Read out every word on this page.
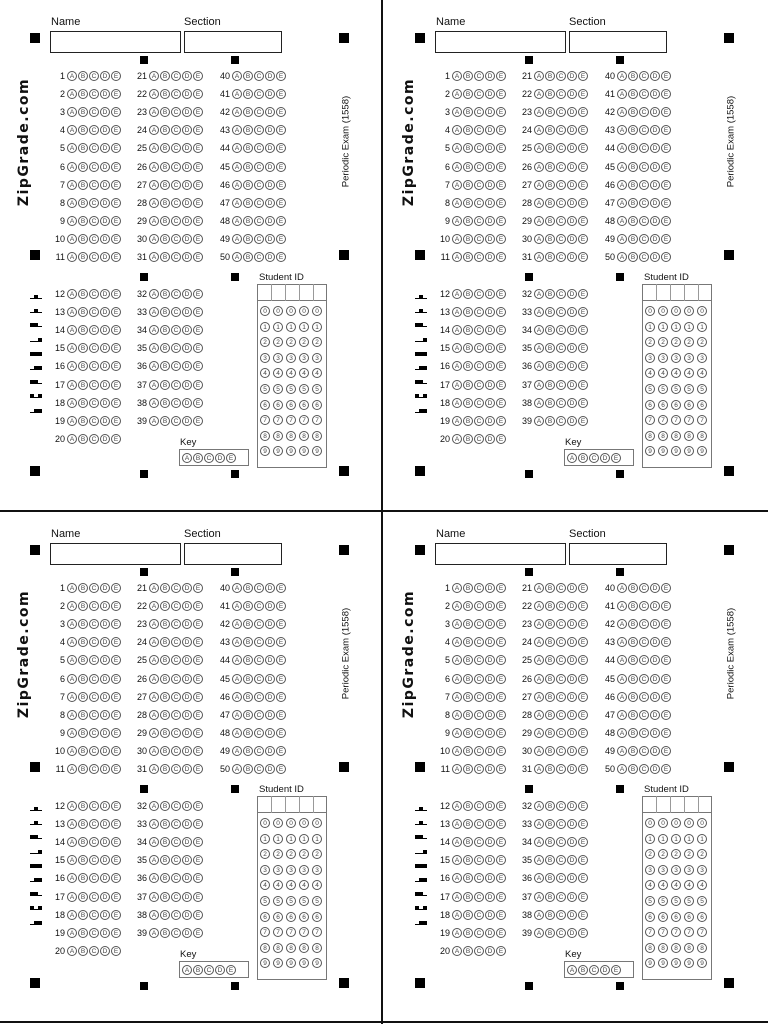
Name	Section
ZipGrade.com	Periodic Exam (1558)
1 A	B C D E
2 A	B C D E
3 A	B C D E
4 A	B C D E
5 A	B C D E
6 A	B C D E
7 A	B C D E
8 A	B C D E
9 A	B C D E
10 A	B C D E
11 A	B C D E
21 A	B C D E
22 A	B C D E
23 A	B C D E
24 A	B C D E
25 A	B C D E
26 A	B C D E
27 A	B C D E
28 A	B C D E
29 A	B C D E
30 A	B C D E
31 A	B C D E
40 A	B C D E
41 A	B C D E
42 A	B C D E
43 A	B C D E
44 A	B C D E
45 A	B C D E
46 A	B C D E
47 A	B C D E
48 A	B C D E
49 A	B C D E
50 A	B C D E
12 A	B C D E
13 A	B C D E
14 A	B C D E
15 A	B C D E
16 A	B C D E
17 A	B C D E
18 A	B C D E
19 A	B C D E
20 A	B C D E
32 A	B C D E
33 A	B C D E
34 A	B C D E
35 A	B C D E
36 A	B C D E
37 A	B C D E
38 A	B C D E
39 A	B C D E
Student ID
0	0	0	0	0
1	1	1	1	1
2	2	2	2	2
3	3	3	3	3
4	4	4	4	4
5	5	5	5	5
6	6	6	6	6
7	7	7	7	7
8	8	8	8	8
9	9	9	9	9
Key
A	B C D E
Name	Section
ZipGrade.com	Periodic Exam (1558)
1 A	B C D E
2 A	B C D E
3 A	B C D E
4 A	B C D E
5 A	B C D E
6 A	B C D E
7 A	B C D E
8 A	B C D E
9 A	B C D E
10 A	B C D E
11 A	B C D E
21 A	B C D E
22 A	B C D E
23 A	B C D E
24 A	B C D E
25 A	B C D E
26 A	B C D E
27 A	B C D E
28 A	B C D E
29 A	B C D E
30 A	B C D E
31 A	B C D E
40 A	B C D E
41 A	B C D E
42 A	B C D E
43 A	B C D E
44 A	B C D E
45 A	B C D E
46 A	B C D E
47 A	B C D E
48 A	B C D E
49 A	B C D E
50 A	B C D E
12 A	B C D E
13 A	B C D E
14 A	B C D E
15 A	B C D E
16 A	B C D E
17 A	B C D E
18 A	B C D E
19 A	B C D E
20 A	B C D E
32 A	B C D E
33 A	B C D E
34 A	B C D E
35 A	B C D E
36 A	B C D E
37 A	B C D E
38 A	B C D E
39 A	B C D E
Student ID
0	0	0	0	0
1	1	1	1	1
2	2	2	2	2
3	3	3	3	3
4	4	4	4	4
5	5	5	5	5
6	6	6	6	6
7	7	7	7	7
8	8	8	8	8
9	9	9	9	9
Key
A	B C D E
Name	Section
ZipGrade.com	Periodic Exam (1558)
1 A	B C D E
2 A	B C D E
3 A	B C D E
4 A	B C D E
5 A	B C D E
6 A	B C D E
7 A	B C D E
8 A	B C D E
9 A	B C D E
10 A	B C D E
11 A	B C D E
21 A	B C D E
22 A	B C D E
23 A	B C D E
24 A	B C D E
25 A	B C D E
26 A	B C D E
27 A	B C D E
28 A	B C D E
29 A	B C D E
30 A	B C D E
31 A	B C D E
40 A	B C D E
41 A	B C D E
42 A	B C D E
43 A	B C D E
44 A	B C D E
45 A	B C D E
46 A	B C D E
47 A	B C D E
48 A	B C D E
49 A	B C D E
50 A	B C D E
12 A	B C D E
13 A	B C D E
14 A	B C D E
15 A	B C D E
16 A	B C D E
17 A	B C D E
18 A	B C D E
19 A	B C D E
20 A	B C D E
32 A	B C D E
33 A	B C D E
34 A	B C D E
35 A	B C D E
36 A	B C D E
37 A	B C D E
38 A	B C D E
39 A	B C D E
Student ID
0	0	0	0	0
1	1	1	1	1
2	2	2	2	2
3	3	3	3	3
4	4	4	4	4
5	5	5	5	5
6	6	6	6	6
7	7	7	7	7
8	8	8	8	8
9	9	9	9	9
Key
A	B C D E
Name	Section
ZipGrade.com	Periodic Exam (1558)
1 A	B C D E
2 A	B C D E
3 A	B C D E
4 A	B C D E
5 A	B C D E
6 A	B C D E
7 A	B C D E
8 A	B C D E
9 A	B C D E
10 A	B C D E
11 A	B C D E
21 A	B C D E
22 A	B C D E
23 A	B C D E
24 A	B C D E
25 A	B C D E
26 A	B C D E
27 A	B C D E
28 A	B C D E
29 A	B C D E
30 A	B C D E
31 A	B C D E
40 A	B C D E
41 A	B C D E
42 A	B C D E
43 A	B C D E
44 A	B C D E
45 A	B C D E
46 A	B C D E
47 A	B C D E
48 A	B C D E
49 A	B C D E
50 A	B C D E
12 A	B C D E
13 A	B C D E
14 A	B C D E
15 A	B C D E
16 A	B C D E
17 A	B C D E
18 A	B C D E
19 A	B C D E
20 A	B C D E
32 A	B C D E
33 A	B C D E
34 A	B C D E
35 A	B C D E
36 A	B C D E
37 A	B C D E
38 A	B C D E
39 A	B C D E
Student ID
0	0	0	0	0
1	1	1	1	1
2	2	2	2	2
3	3	3	3	3
4	4	4	4	4
5	5	5	5	5
6	6	6	6	6
7	7	7	7	7
8	8	8	8	8
9	9	9	9	9
Key
A	B C D E
